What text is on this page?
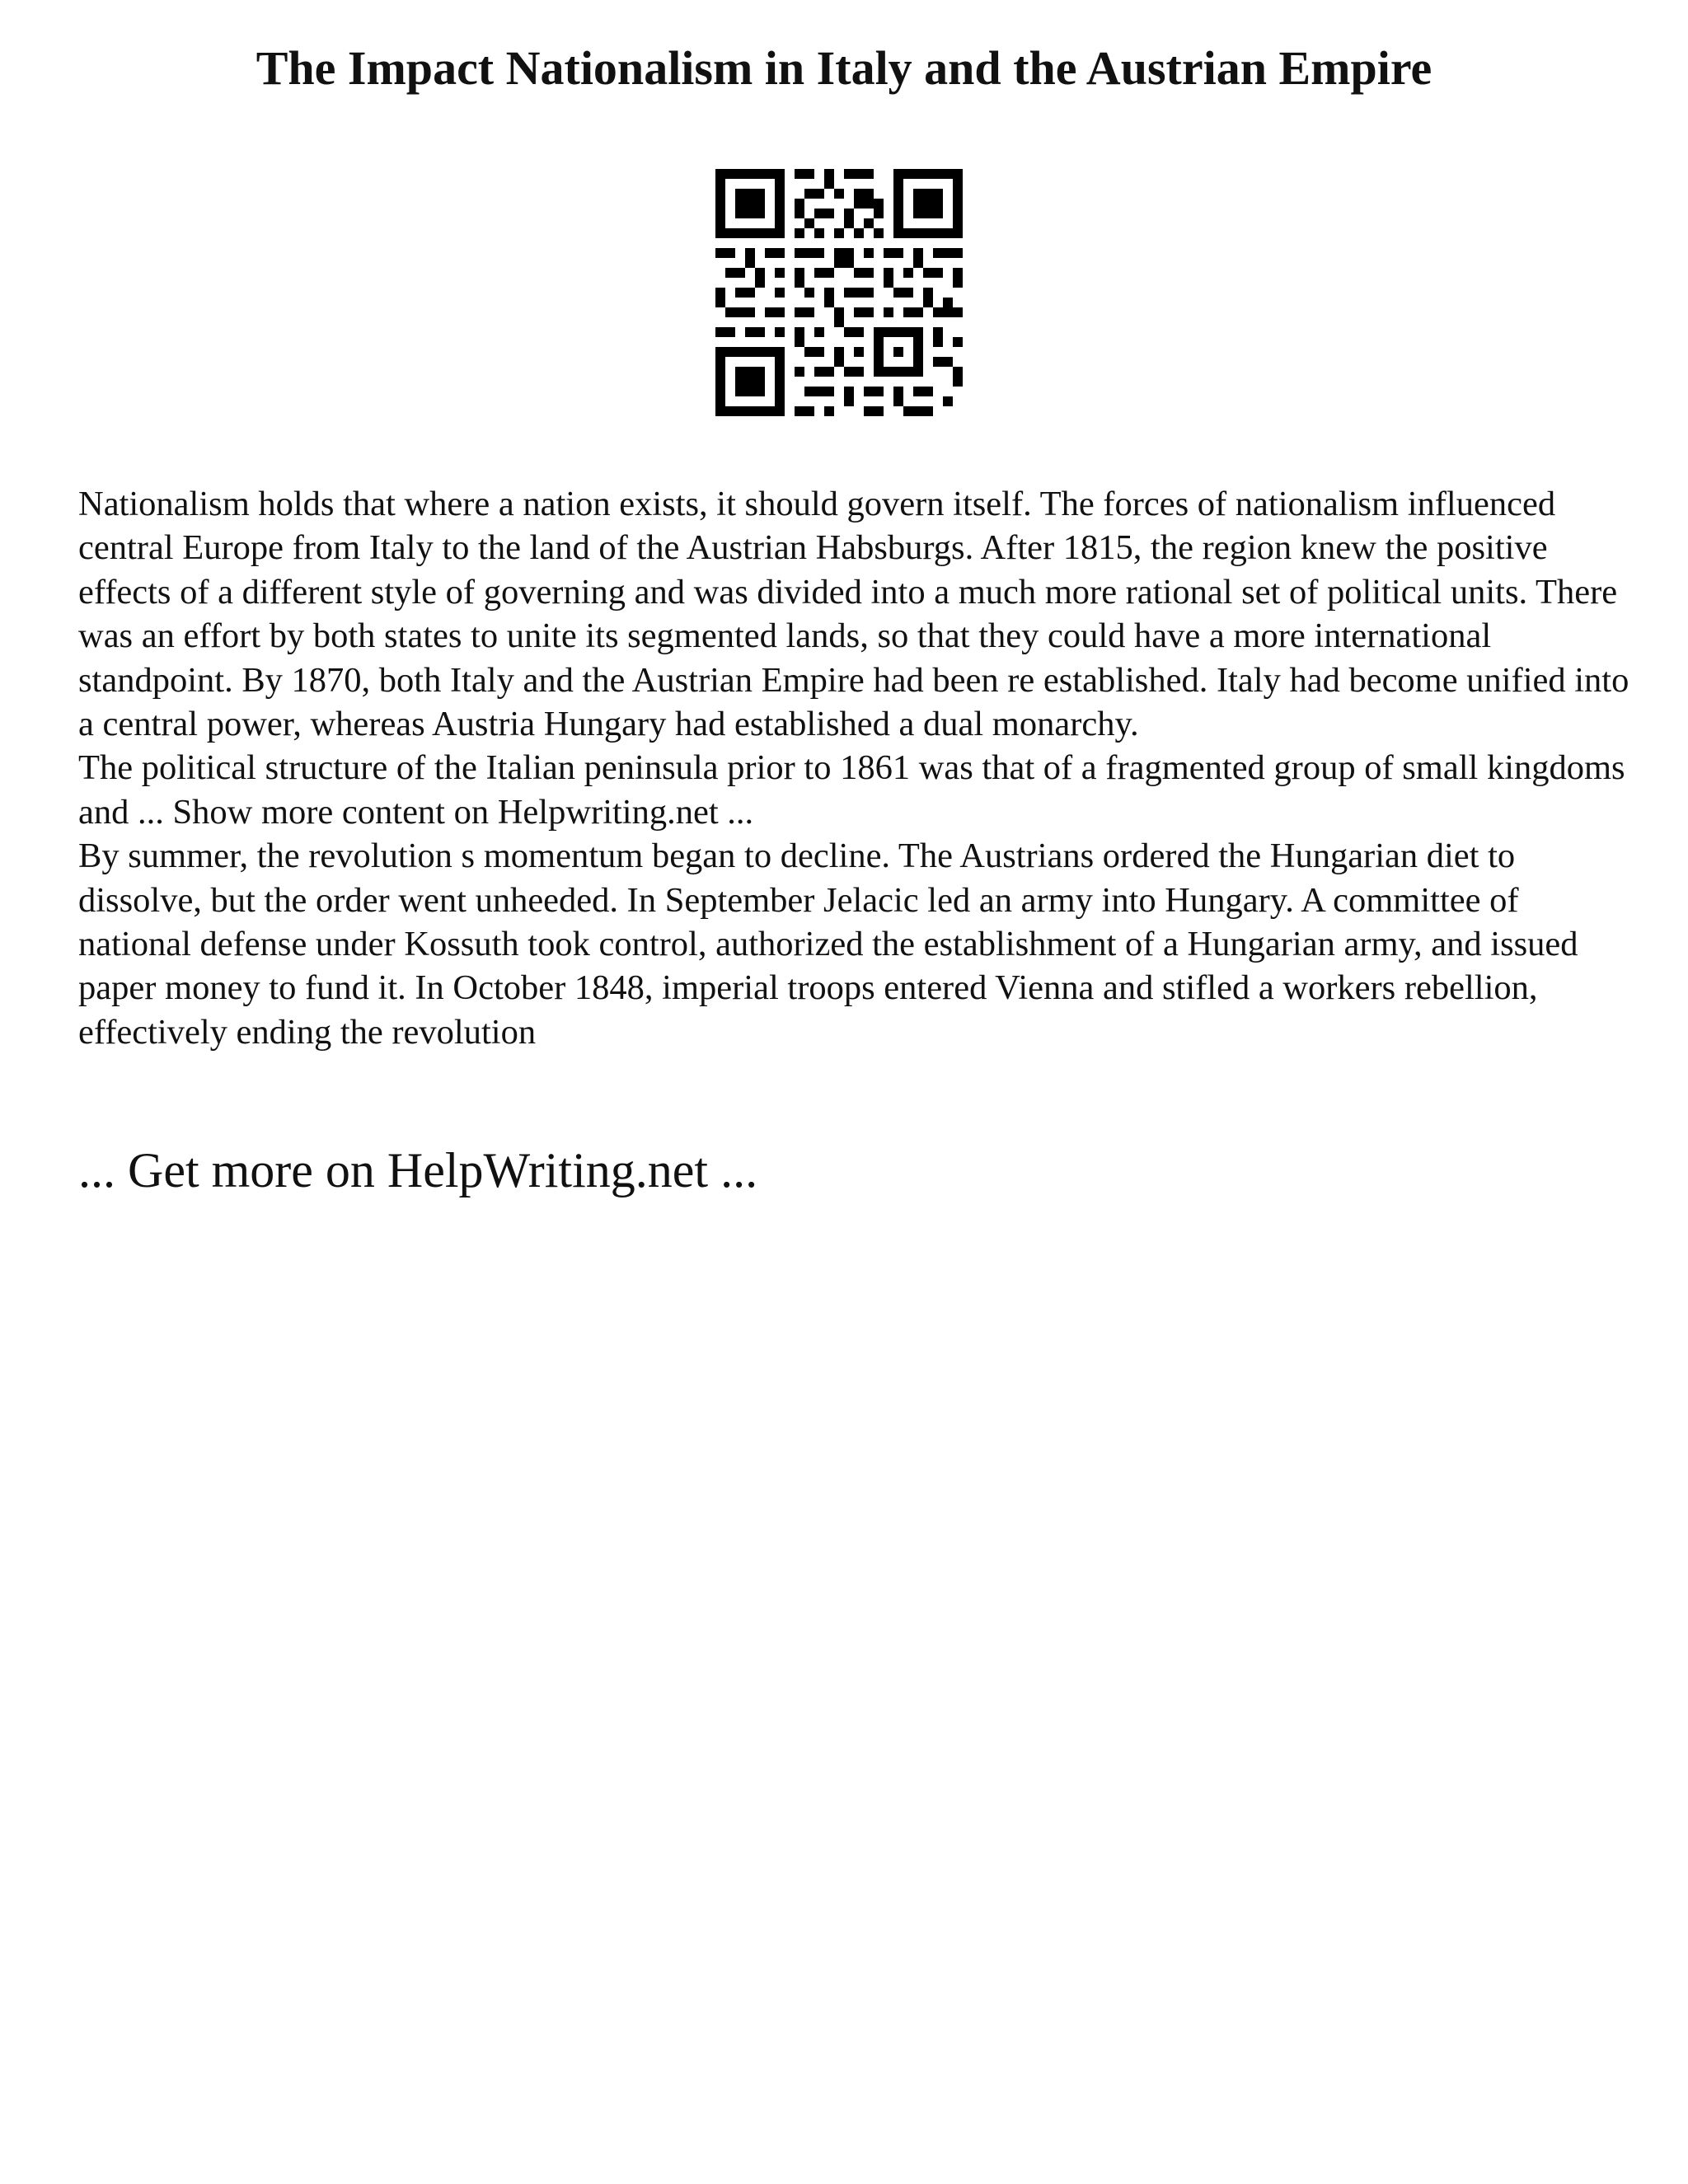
The Impact Nationalism in Italy and the Austrian Empire

Nationalism holds that where a nation exists, it should govern itself. The forces of nationalism influenced central Europe from Italy to the land of the Austrian Habsburgs. After 1815, the region knew the positive effects of a different style of governing and was divided into a much more rational set of political units. There was an effort by both states to unite its segmented lands, so that they could have a more international standpoint. By 1870, both Italy and the Austrian Empire had been re established. Italy had become unified into a central power, whereas Austria Hungary had established a dual monarchy.

The political structure of the Italian peninsula prior to 1861 was that of a fragmented group of small kingdoms and ... Show more content on Helpwriting.net ...

By summer, the revolution s momentum began to decline. The Austrians ordered the Hungarian diet to dissolve, but the order went unheeded. In September Jelacic led an army into Hungary. A committee of national defense under Kossuth took control, authorized the establishment of a Hungarian army, and issued paper money to fund it. In October 1848, imperial troops entered Vienna and stifled a workers rebellion, effectively ending the revolution

... Get more on HelpWriting.net ...
